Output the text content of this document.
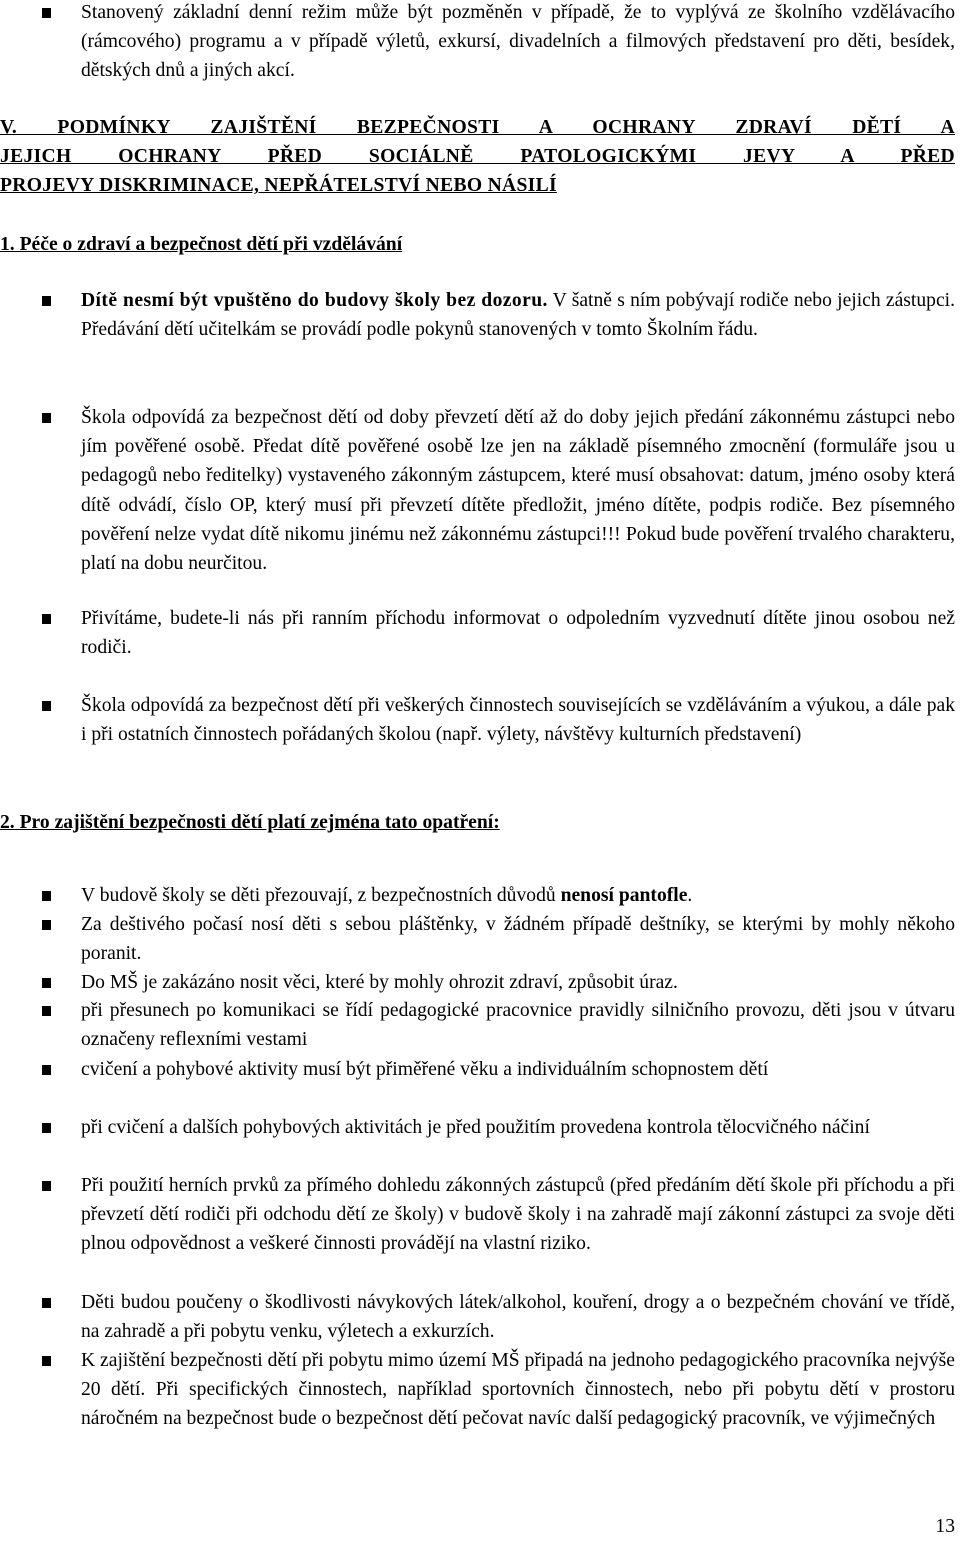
Stanovený základní denní režim může být pozměněn v případě, že to vyplývá ze školního vzdělávacího (rámcového) programu a v případě výletů, exkursí, divadelních a filmových představení pro děti, besídek, dětských dnů a jiných akcí.
V. PODMÍNKY ZAJIŠTĚNÍ BEZPEČNOSTI A OCHRANY ZDRAVÍ DĚTÍ A
JEJICH OCHRANY PŘED SOCIÁLNĚ PATOLOGICKÝMI JEVY A PŘED
PROJEVY DISKRIMINACE, NEPŘÁTELSTVÍ NEBO NÁSILÍ
1. Péče o zdraví a bezpečnost dětí při vzdělávání
Dítě nesmí být vpuštěno do budovy školy bez dozoru. V šatně s ním pobývají rodiče nebo jejich zástupci. Předávání dětí učitelkám se provádí podle pokynů stanovených v tomto Školním řádu.
Škola odpovídá za bezpečnost dětí od doby převzetí dětí až do doby jejich předání zákonnému zástupci nebo jím pověřené osobě. Předat dítě pověřené osobě lze jen na základě písemného zmocnění (formuláře jsou u pedagogů nebo ředitelky) vystaveného zákonným zástupcem, které musí obsahovat: datum, jméno osoby která dítě odvádí, číslo OP, který musí při převzetí dítěte předložit, jméno dítěte, podpis rodiče. Bez písemného pověření nelze vydat dítě nikomu jinému než zákonnému zástupci!!! Pokud bude pověření trvalého charakteru, platí na dobu neurčitou.
Přivítáme, budete-li nás při ranním příchodu informovat o odpoledním vyzvednutí dítěte jinou osobou než rodiči.
Škola odpovídá za bezpečnost dětí při veškerých činnostech souvisejících se vzděláváním a výukou, a dále pak i při ostatních činnostech pořádaných školou (např. výlety, návštěvy kulturních představení)
2. Pro zajištění bezpečnosti dětí platí zejména tato opatření:
V budově školy se děti přezouvají, z bezpečnostních důvodů nenosí pantofle.
Za deštivého počasí nosí děti s sebou pláštěnky, v žádném případě deštníky, se kterými by mohly někoho poranit.
Do MŠ je zakázáno nosit věci, které by mohly ohrozit zdraví, způsobit úraz.
při přesunech po komunikaci se řídí pedagogické pracovnice pravidly silničního provozu, děti jsou v útvaru označeny reflexními vestami
cvičení a pohybové aktivity musí být přiměřené věku a individuálním schopnostem dětí
při cvičení a dalších pohybových aktivitách je před použitím provedena kontrola tělocvičného náčiní
Při použití herních prvků za přímého dohledu zákonných zástupců (před předáním dětí škole při příchodu a při převzetí dětí rodiči při odchodu dětí ze školy) v budově školy i na zahradě mají zákonní zástupci za svoje děti plnou odpovědnost a veškeré činnosti provádějí na vlastní riziko.
Děti budou poučeny o škodlivosti návykových látek/alkohol, kouření, drogy a o bezpečném chování ve třídě, na zahradě a při pobytu venku, výletech a exkurzích.
K zajištění bezpečnosti dětí při pobytu mimo území MŠ připadá na jednoho pedagogického pracovníka nejvýše 20 dětí. Při specifických činnostech, například sportovních činnostech, nebo při pobytu dětí v prostoru náročném na bezpečnost bude o bezpečnost dětí pečovat navíc další pedagogický pracovník, ve výjimečných
13
